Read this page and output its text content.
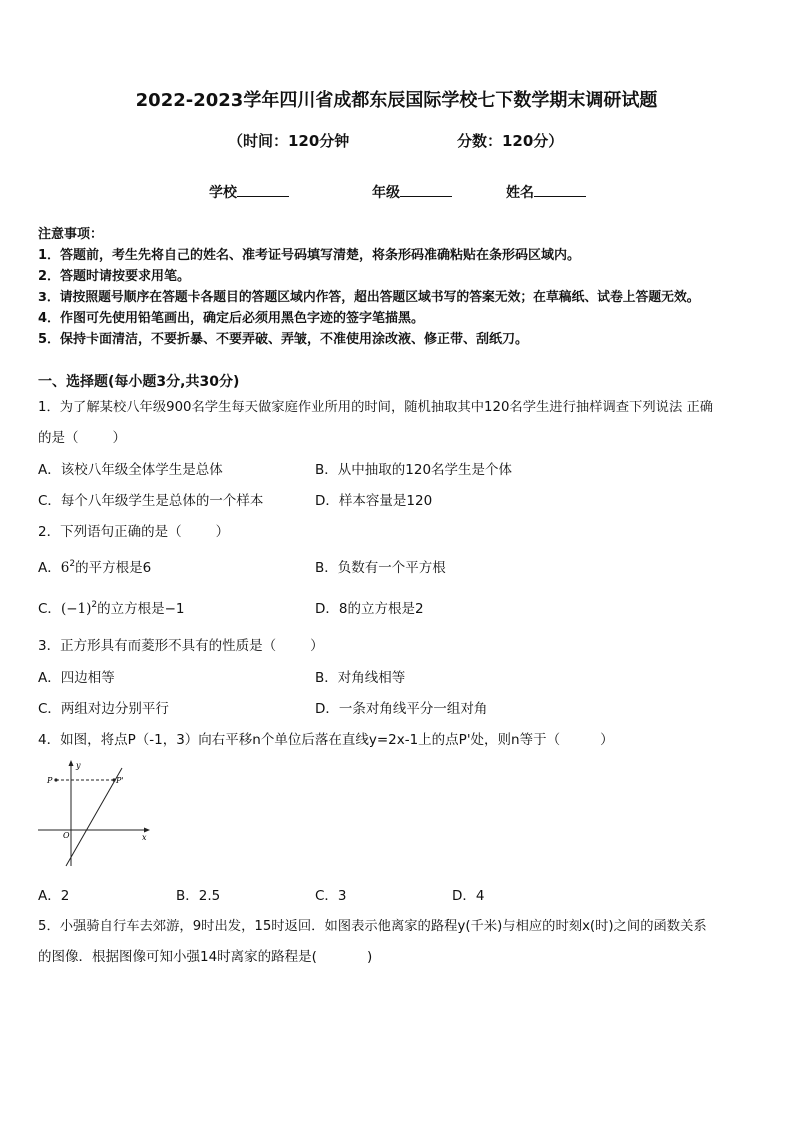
2022-2023学年四川省成都东辰国际学校七下数学期末调研试题
（时间：120分钟	分数：120分）
学校	年级	姓名
注意事项：
1．答题前，考生先将自己的姓名、准考证号码填写清楚，将条形码准确粘贴在条形码区域内。
2．答题时请按要求用笔。
3．请按照题号顺序在答题卡各题目的答题区域内作答，超出答题区域书写的答案无效；在草稿纸、试卷上答题无效。
4．作图可先使用铅笔画出，确定后必须用黑色字迹的签字笔描黑。
5．保持卡面清洁，不要折暴、不要弄破、弄皱，不准使用涂改液、修正带、刮纸刀。
一、选择题(每小题3分,共30分)
1．为了解某校八年级900名学生每天做家庭作业所用的时间，随机抽取其中120名学生进行抽样调查下列说法 正确
的是（	）
A．该校八年级全体学生是总体	B．从中抽取的120名学生是个体
C．每个八年级学生是总体的一个样本	D．样本容量是120
2．下列语句正确的是（	）
A．$6^2$的平方根是6	B．负数有一个平方根
C．$(-1)^2$的立方根是−1	D．8的立方根是2
3．正方形具有而菱形不具有的性质是（	）
A．四边相等	B．对角线相等
C．两组对边分别平行	D．一条对角线平分一组对角
4．如图，将点P（-1，3）向右平移n个单位后落在直线y=2x-1上的点P'处，则n等于（	）
y
x
P	P'
O
A．2	B．2.5	C．3	D．4
5．小强骑自行车去郊游，9时出发，15时返回．如图表示他离家的路程y(千米)与相应的时刻x(时)之间的函数关系
的图像．根据图像可知小强14时离家的路程是(	)
